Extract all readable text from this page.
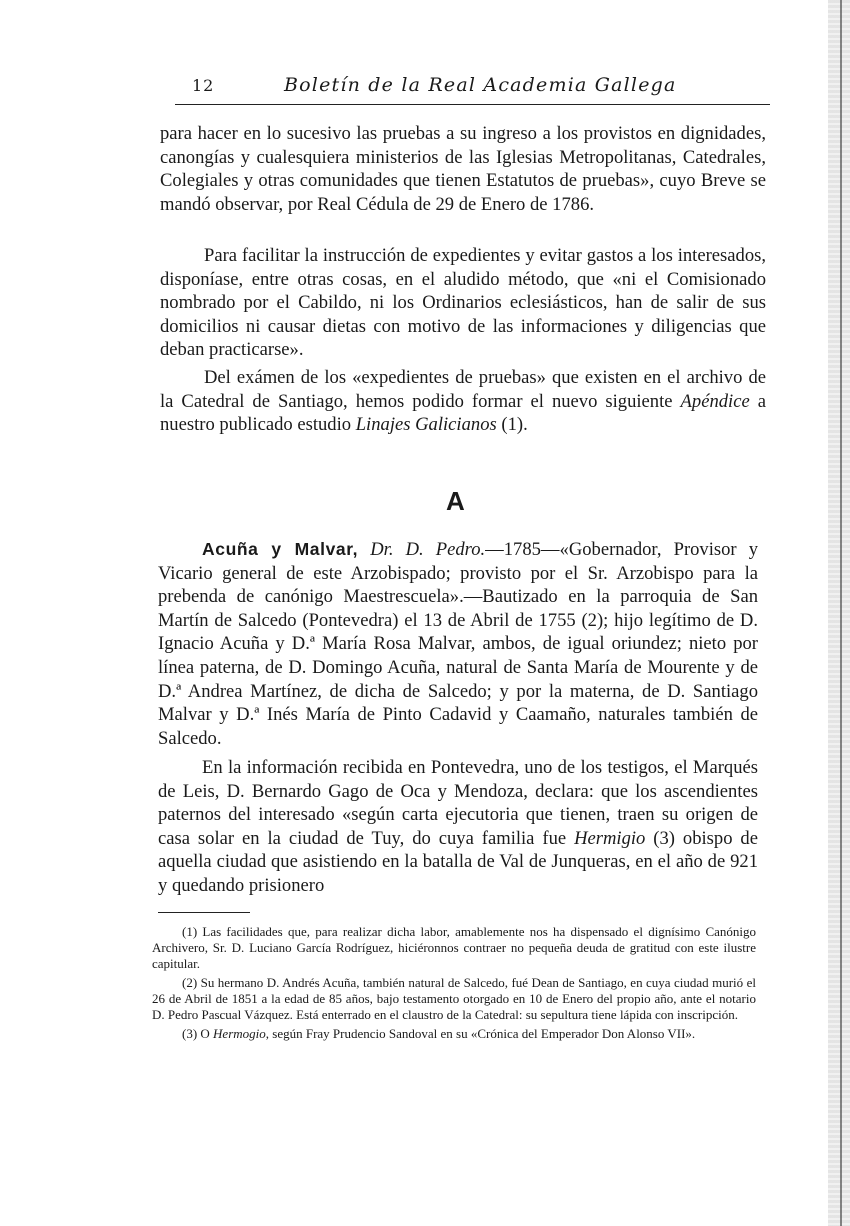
12	Boletín de la Real Academia Gallega

para hacer en lo sucesivo las pruebas a su ingreso a los provistos en dignidades, canongías y cualesquiera ministerios de las Iglesias Metropolitanas, Catedrales, Colegiales y otras comunidades que tienen Estatutos de pruebas», cuyo Breve se mandó observar, por Real Cédula de 29 de Enero de 1786.

Para facilitar la instrucción de expedientes y evitar gastos a los interesados, disponíase, entre otras cosas, en el aludido método, que «ni el Comisionado nombrado por el Cabildo, ni los Ordinarios eclesiásticos, han de salir de sus domicilios ni causar dietas con motivo de las informaciones y diligencias que deban practicarse».

Del exámen de los «expedientes de pruebas» que existen en el archivo de la Catedral de Santiago, hemos podido formar el nuevo siguiente Apéndice a nuestro publicado estudio Linajes Galicianos (1).

A

Acuña y Malvar, Dr. D. Pedro.—1785—«Gobernador, Provisor y Vicario general de este Arzobispado; provisto por el Sr. Arzobispo para la prebenda de canónigo Maestrescuela».—Bautizado en la parroquia de San Martín de Salcedo (Pontevedra) el 13 de Abril de 1755 (2); hijo legítimo de D. Ignacio Acuña y D.ª María Rosa Malvar, ambos, de igual oriundez; nieto por línea paterna, de D. Domingo Acuña, natural de Santa María de Mourente y de D.ª Andrea Martínez, de dicha de Salcedo; y por la materna, de D. Santiago Malvar y D.ª Inés María de Pinto Cadavid y Caamaño, naturales también de Salcedo.

En la información recibida en Pontevedra, uno de los testigos, el Marqués de Leis, D. Bernardo Gago de Oca y Mendoza, declara: que los ascendientes paternos del interesado «según carta ejecutoria que tienen, traen su origen de casa solar en la ciudad de Tuy, do cuya familia fue Hermigio (3) obispo de aquella ciudad que asistiendo en la batalla de Val de Junqueras, en el año de 921 y quedando prisionero

(1) Las facilidades que, para realizar dicha labor, amablemente nos ha dispensado el dignísimo Canónigo Archivero, Sr. D. Luciano García Rodríguez, hiciéronnos contraer no pequeña deuda de gratitud con este ilustre capitular.

(2) Su hermano D. Andrés Acuña, también natural de Salcedo, fué Dean de Santiago, en cuya ciudad murió el 26 de Abril de 1851 a la edad de 85 años, bajo testamento otorgado en 10 de Enero del propio año, ante el notario D. Pedro Pascual Vázquez. Está enterrado en el claustro de la Catedral: su sepultura tiene lápida con inscripción.

(3) O Hermogio, según Fray Prudencio Sandoval en su «Crónica del Emperador Don Alonso VII».
